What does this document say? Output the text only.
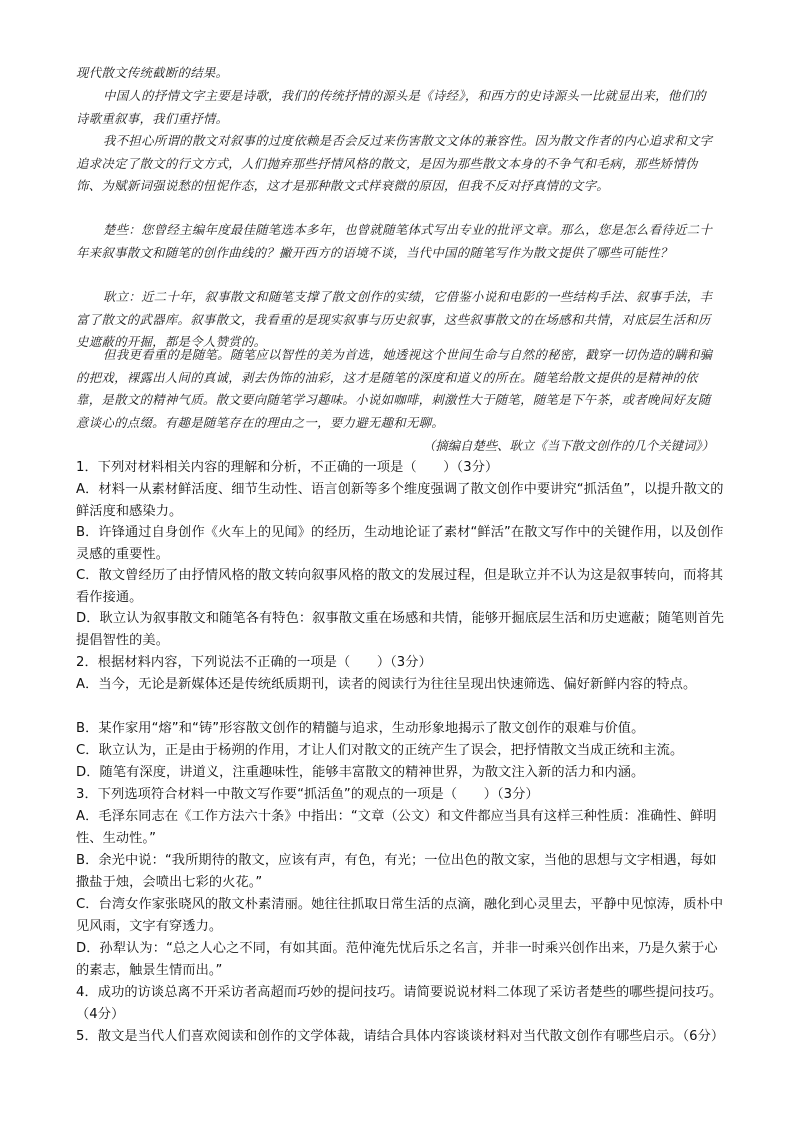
现代散文传统截断的结果。

中国人的抒情文字主要是诗歌，我们的传统抒情的源头是《诗经》，和西方的史诗源头一比就显出来，他们的诗歌重叙事，我们重抒情。

我不担心所谓的散文对叙事的过度依赖是否会反过来伤害散文文体的兼容性。因为散文作者的内心追求和文字追求决定了散文的行文方式，人们抛弃那些抒情风格的散文，是因为那些散文本身的不争气和毛病，那些矫情伪饰、为赋新词强说愁的忸怩作态，这才是那种散文式样衰微的原因，但我不反对抒真情的文字。

楚些：您曾经主编年度最佳随笔选本多年，也曾就随笔体式写出专业的批评文章。那么，您是怎么看待近二十年来叙事散文和随笔的创作曲线的？撇开西方的语境不谈，当代中国的随笔写作为散文提供了哪些可能性？

耿立：近二十年，叙事散文和随笔支撑了散文创作的实绩，它借鉴小说和电影的一些结构手法、叙事手法，丰富了散文的武器库。叙事散文，我看重的是现实叙事与历史叙事，这些叙事散文的在场感和共情，对底层生活和历史遮蔽的开掘，都是令人赞赏的。

但我更看重的是随笔。随笔应以智性的美为首选，她透视这个世间生命与自然的秘密，戳穿一切伪造的瞒和骗的把戏，裸露出人间的真诚，剥去伪饰的油彩，这才是随笔的深度和道义的所在。随笔给散文提供的是精神的依靠，是散文的精神气质。散文要向随笔学习趣味。小说如咖啡，刺激性大于随笔，随笔是下午茶，或者晚间好友随意谈心的点缀。有趣是随笔存在的理由之一，要力避无趣和无聊。

（摘编自楚些、耿立《当下散文创作的几个关键词》）

1．下列对材料相关内容的理解和分析，不正确的一项是（　　）（3分）

A．材料一从素材鲜活度、细节生动性、语言创新等多个维度强调了散文创作中要讲究“抓活鱼”，以提升散文的鲜活度和感染力。

B．许锋通过自身创作《火车上的见闻》的经历，生动地论证了素材“鲜活”在散文写作中的关键作用，以及创作灵感的重要性。

C．散文曾经历了由抒情风格的散文转向叙事风格的散文的发展过程，但是耿立并不认为这是叙事转向，而将其看作接通。

D．耿立认为叙事散文和随笔各有特色：叙事散文重在场感和共情，能够开掘底层生活和历史遮蔽；随笔则首先提倡智性的美。

2．根据材料内容，下列说法不正确的一项是（　　）（3分）

A．当今，无论是新媒体还是传统纸质期刊，读者的阅读行为往往呈现出快速筛选、偏好新鲜内容的特点。

B．某作家用“熔”和“铸”形容散文创作的精髓与追求，生动形象地揭示了散文创作的艰难与价值。

C．耿立认为，正是由于杨朔的作用，才让人们对散文的正统产生了误会，把抒情散文当成正统和主流。

D．随笔有深度，讲道义，注重趣味性，能够丰富散文的精神世界，为散文注入新的活力和内涵。

3．下列选项符合材料一中散文写作要“抓活鱼”的观点的一项是（　　）（3分）

A．毛泽东同志在《工作方法六十条》中指出：“文章（公文）和文件都应当具有这样三种性质：准确性、鲜明性、生动性。”

B．余光中说：“我所期待的散文，应该有声，有色，有光；一位出色的散文家，当他的思想与文字相遇，每如撒盐于烛，会喷出七彩的火花。”

C．台湾女作家张晓风的散文朴素清丽。她往往抓取日常生活的点滴，融化到心灵里去，平静中见惊涛，质朴中见风雨，文字有穿透力。

D．孙犁认为：“总之人心之不同，有如其面。范仲淹先忧后乐之名言，并非一时乘兴创作出来，乃是久萦于心的素志，触景生情而出。”

4．成功的访谈总离不开采访者高超而巧妙的提问技巧。请简要说说材料二体现了采访者楚些的哪些提问技巧。（4分）

5．散文是当代人们喜欢阅读和创作的文学体裁，请结合具体内容谈谈材料对当代散文创作有哪些启示。（6分）
